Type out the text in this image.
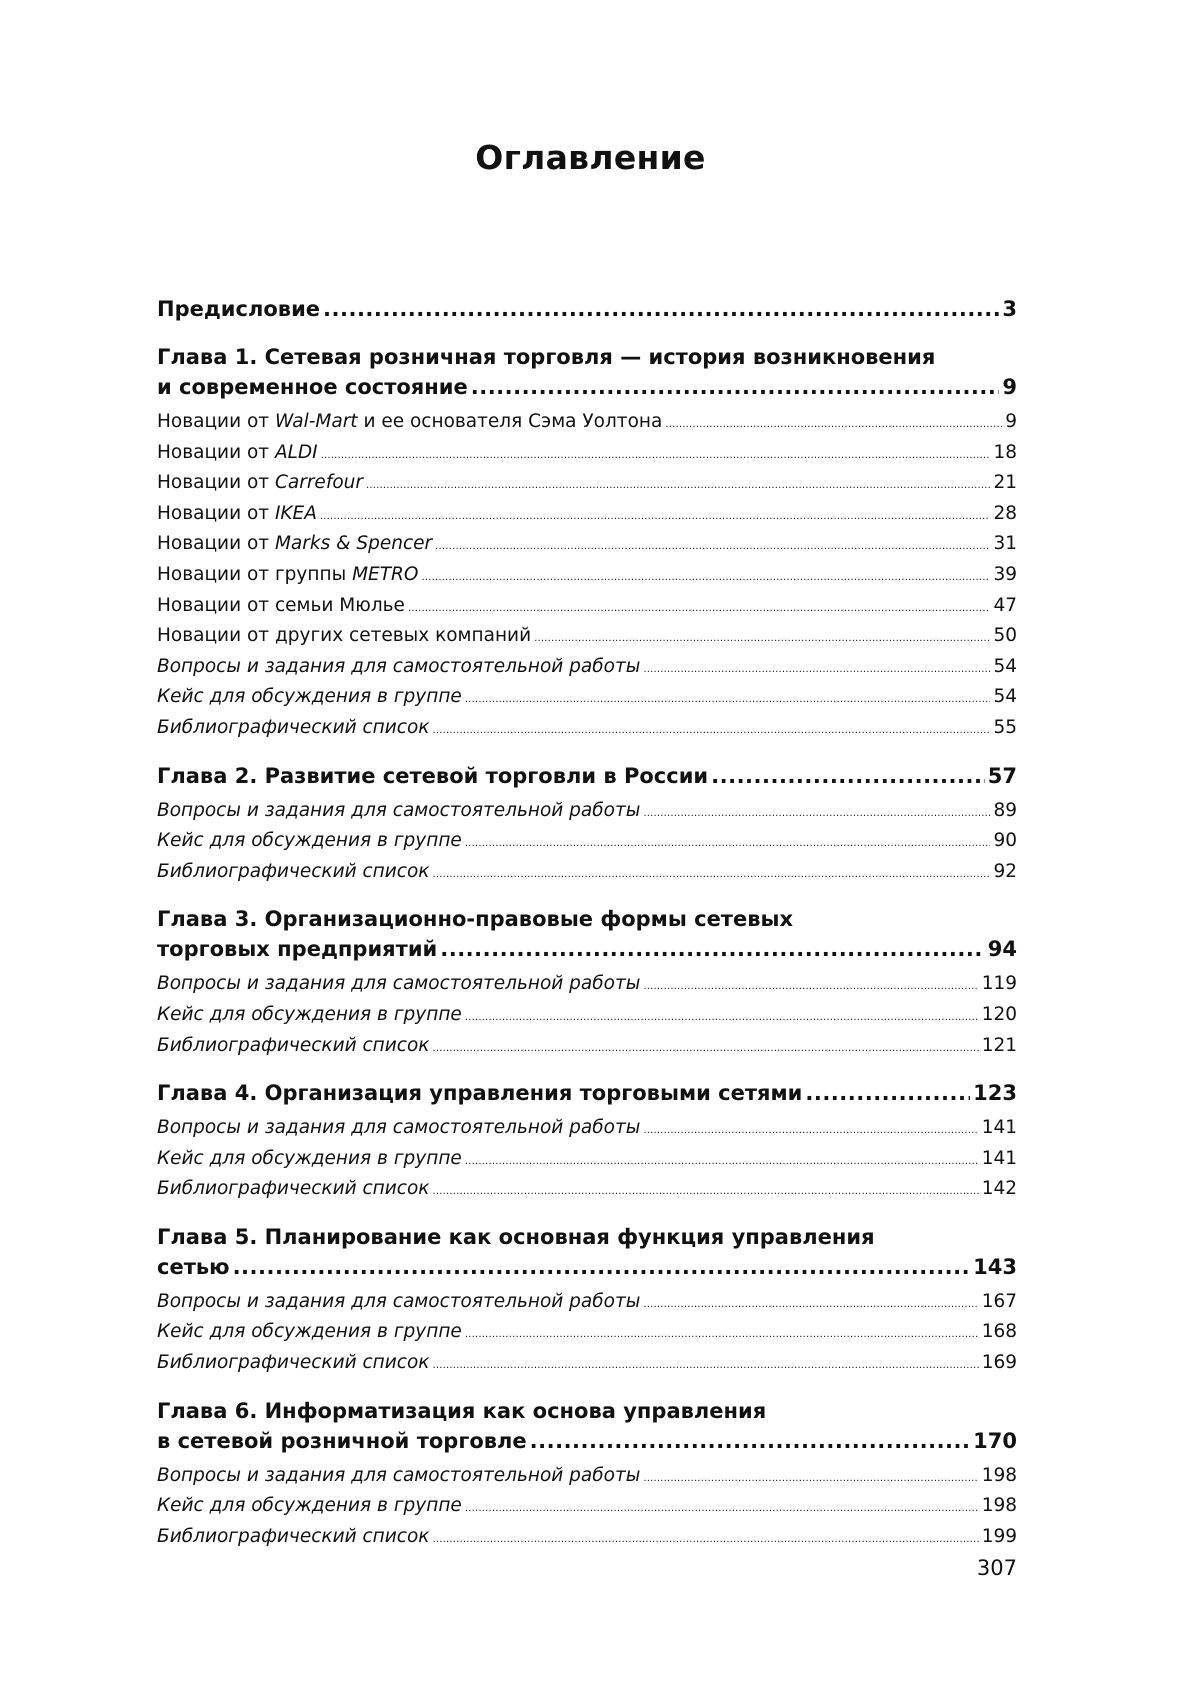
Оглавление
Предисловие .....	3
Глава 1. Сетевая розничная торговля — история возникновения
и современное состояние .....	9
Новации от Wal-Mart и ее основателя Сэма Уолтона .....	9
Новации от ALDI .....	18
Новации от Carrefour .....	21
Новации от IKEA .....	28
Новации от Marks & Spencer .....	31
Новации от группы METRO .....	39
Новации от семьи Мюлье .....	47
Новации от других сетевых компаний .....	50
Вопросы и задания для самостоятельной работы .....	54
Кейс для обсуждения в группе .....	54
Библиографический список .....	55
Глава 2. Развитие сетевой торговли в России .....	57
Вопросы и задания для самостоятельной работы .....	89
Кейс для обсуждения в группе .....	90
Библиографический список .....	92
Глава 3. Организационно-правовые формы сетевых
торговых предприятий .....	94
Вопросы и задания для самостоятельной работы .....	119
Кейс для обсуждения в группе .....	120
Библиографический список .....	121
Глава 4. Организация управления торговыми сетями .....	123
Вопросы и задания для самостоятельной работы .....	141
Кейс для обсуждения в группе .....	141
Библиографический список .....	142
Глава 5. Планирование как основная функция управления
сетью .....	143
Вопросы и задания для самостоятельной работы .....	167
Кейс для обсуждения в группе .....	168
Библиографический список .....	169
Глава 6. Информатизация как основа управления
в сетевой розничной торговле .....	170
Вопросы и задания для самостоятельной работы .....	198
Кейс для обсуждения в группе .....	198
Библиографический список .....	199
307
